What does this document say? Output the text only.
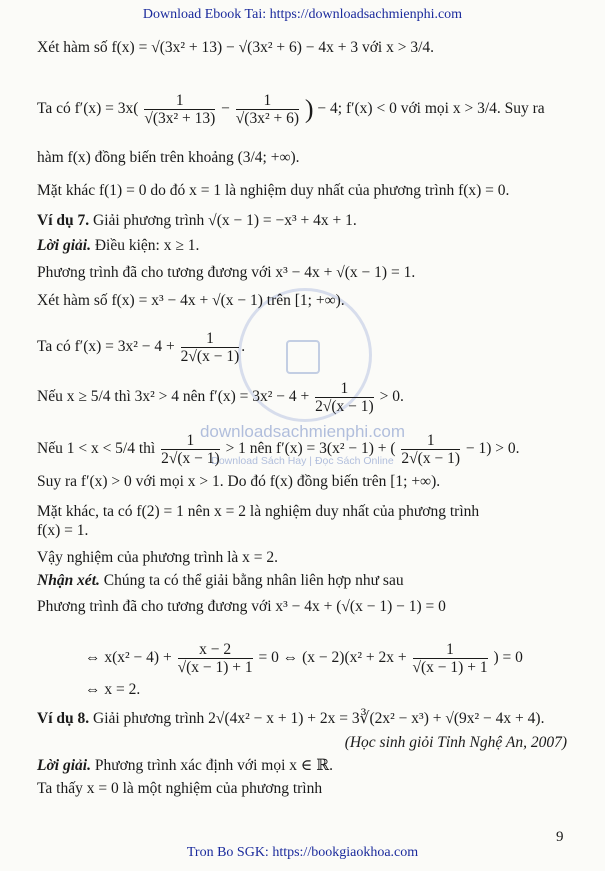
Download Ebook Tai: https://downloadsachmienphi.com
downloadsachmienphi.com
Download Sách Hay | Đọc Sách Online
Xét hàm số f(x) = √(3x² + 13) − √(3x² + 6) − 4x + 3 với x > 3/4.
Ta có $f'(x) = 3x( \frac{1}{\text{√(3x² + 13)}} - \frac{1}{\text{√(3x² + 6)}}$ ) − 4; f′(x) < 0 với mọi x > 3/4. Suy ra
hàm f(x) đồng biến trên khoảng (3/4; +∞).
Mặt khác f(1) = 0 do đó x = 1 là nghiệm duy nhất của phương trình f(x) = 0.
Ví dụ 7. Giải phương trình √(x − 1) = −x³ + 4x + 1.
Lời giải. Điều kiện: x ≥ 1.
Phương trình đã cho tương đương với x³ − 4x + √(x − 1) = 1.
Xét hàm số f(x) = x³ − 4x + √(x − 1) trên [1; +∞).
Ta có $f'(x) = 3x^2 - 4 + \frac{1}{2√(x - 1)}$ .
Nếu x ≥ 5/4 thì 3x² > 4 nên $f'(x) = 3x^2 - 4 + \frac{1}{2√(x - 1)} > 0$.
Nếu 1 < x < 5/4 thì $\frac{1}{2√(x - 1)} > 1$ nên f′(x) = 3(x² − 1) + ( $\frac{1}{2√(x - 1)} - 1) > 0$.
Suy ra f′(x) > 0 với mọi x > 1. Do đó f(x) đồng biến trên [1; +∞).
Mặt khác, ta có f(2) = 1 nên x = 2 là nghiệm duy nhất của phương trình
f(x) = 1.
Vậy nghiệm của phương trình là x = 2.
Nhận xét. Chúng ta có thể giải bằng nhân liên hợp như sau
Phương trình đã cho tương đương với x³ − 4x + (√(x − 1) − 1) = 0
⇔ $x(x^2 - 4) + \frac{x - 2}{√(x - 1) + 1} = 0$ ⇔ $(x - 2)(x^2 + 2x + \frac{1}{√(x - 1) + 1}$ ) = 0
⇔ x = 2.
Ví dụ 8. Giải phương trình 2√(4x² − x + 1) + 2x = 3∛(2x² − x³) + √(9x² − 4x + 4).
(Học sinh giỏi Tỉnh Nghệ An, 2007)
Lời giải. Phương trình xác định với mọi x ∈ ℝ.
Ta thấy x = 0 là một nghiệm của phương trình
9
Tron Bo SGK: https://bookgiaokhoa.com
